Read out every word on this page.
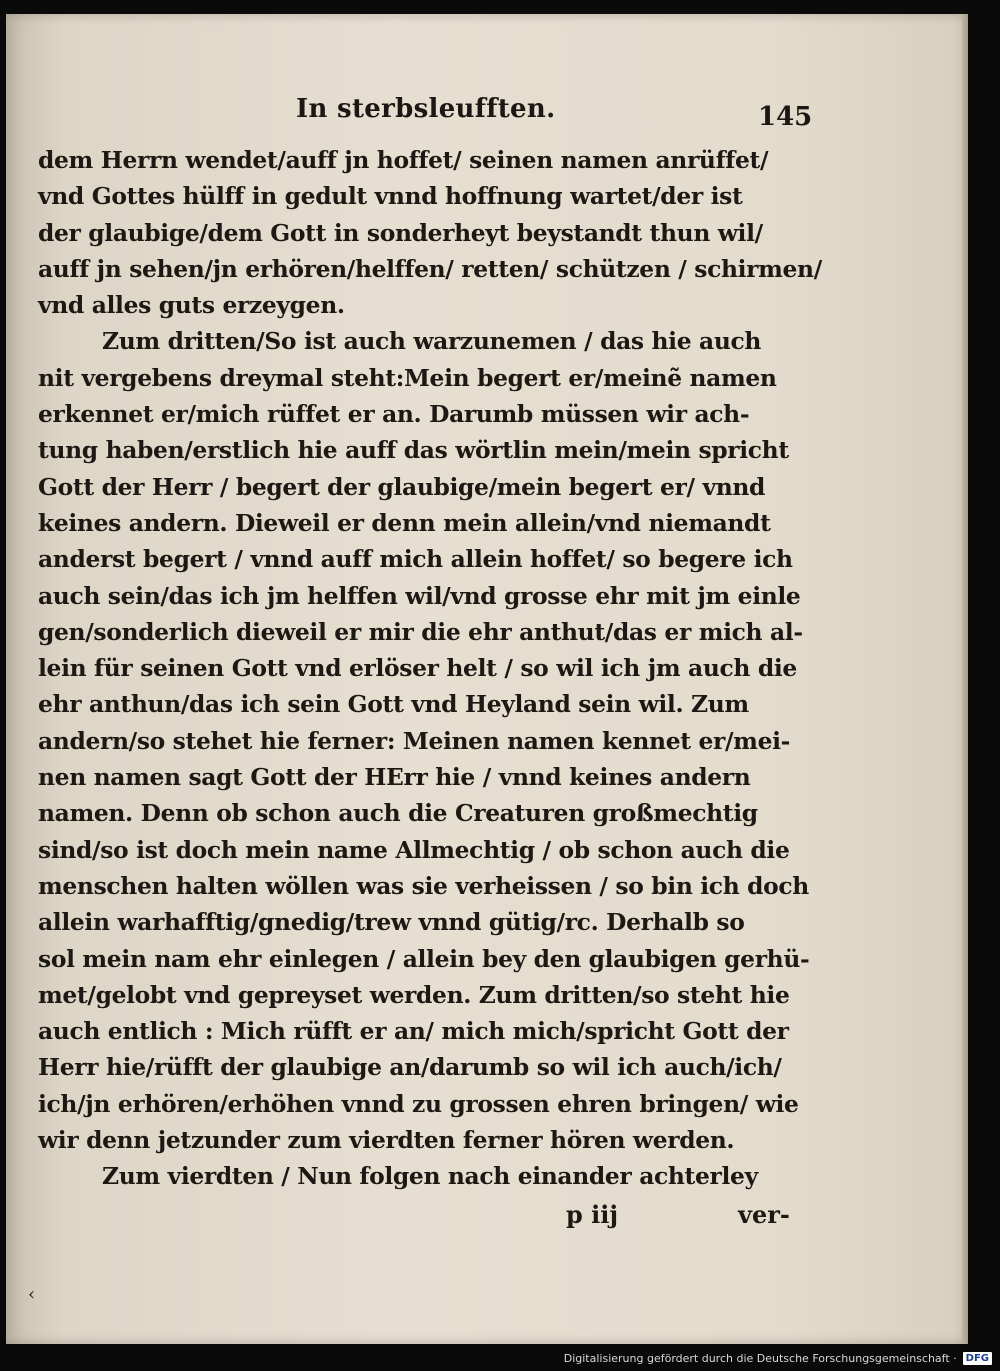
In sterbsleufften.	145
dem Herrn wendet/auff jn hoffet/ seinen namen anrüffet/
vnd Gottes hülff in gedult vnnd hoffnung wartet/der ist
der glaubige/dem Gott in sonderheyt beystandt thun wil/
auff jn sehen/jn erhören/helffen/ retten/ schützen / schirmen/
vnd alles guts erzeygen.
Zum dritten/So ist auch warzunemen / das hie auch
nit vergebens dreymal steht:Mein begert er/meinẽ namen
erkennet er/mich rüffet er an. Darumb müssen wir ach-
tung haben/erstlich hie auff das wörtlin mein/mein spricht
Gott der Herr / begert der glaubige/mein begert er/ vnnd
keines andern. Dieweil er denn mein allein/vnd niemandt
anderst begert / vnnd auff mich allein hoffet/ so begere ich
auch sein/das ich jm helffen wil/vnd grosse ehr mit jm einle
gen/sonderlich dieweil er mir die ehr anthut/das er mich al-
lein für seinen Gott vnd erlöser helt / so wil ich jm auch die
ehr anthun/das ich sein Gott vnd Heyland sein wil. Zum
andern/so stehet hie ferner: Meinen namen kennet er/mei-
nen namen sagt Gott der HErr hie / vnnd keines andern
namen. Denn ob schon auch die Creaturen großmechtig
sind/so ist doch mein name Allmechtig / ob schon auch die
menschen halten wöllen was sie verheissen / so bin ich doch
allein warhafftig/gnedig/trew vnnd gütig/rc. Derhalb so
sol mein nam ehr einlegen / allein bey den glaubigen gerhü-
met/gelobt vnd gepreyset werden. Zum dritten/so steht hie
auch entlich : Mich rüfft er an/ mich mich/spricht Gott der
Herr hie/rüfft der glaubige an/darumb so wil ich auch/ich/
ich/jn erhören/erhöhen vnnd zu grossen ehren bringen/ wie
wir denn jetzunder zum vierdten ferner hören werden.
Zum vierdten / Nun folgen nach einander achterley
p iij	ver-
‹
Digitalisierung gefördert durch die Deutsche Forschungsgemeinschaft · DFG
